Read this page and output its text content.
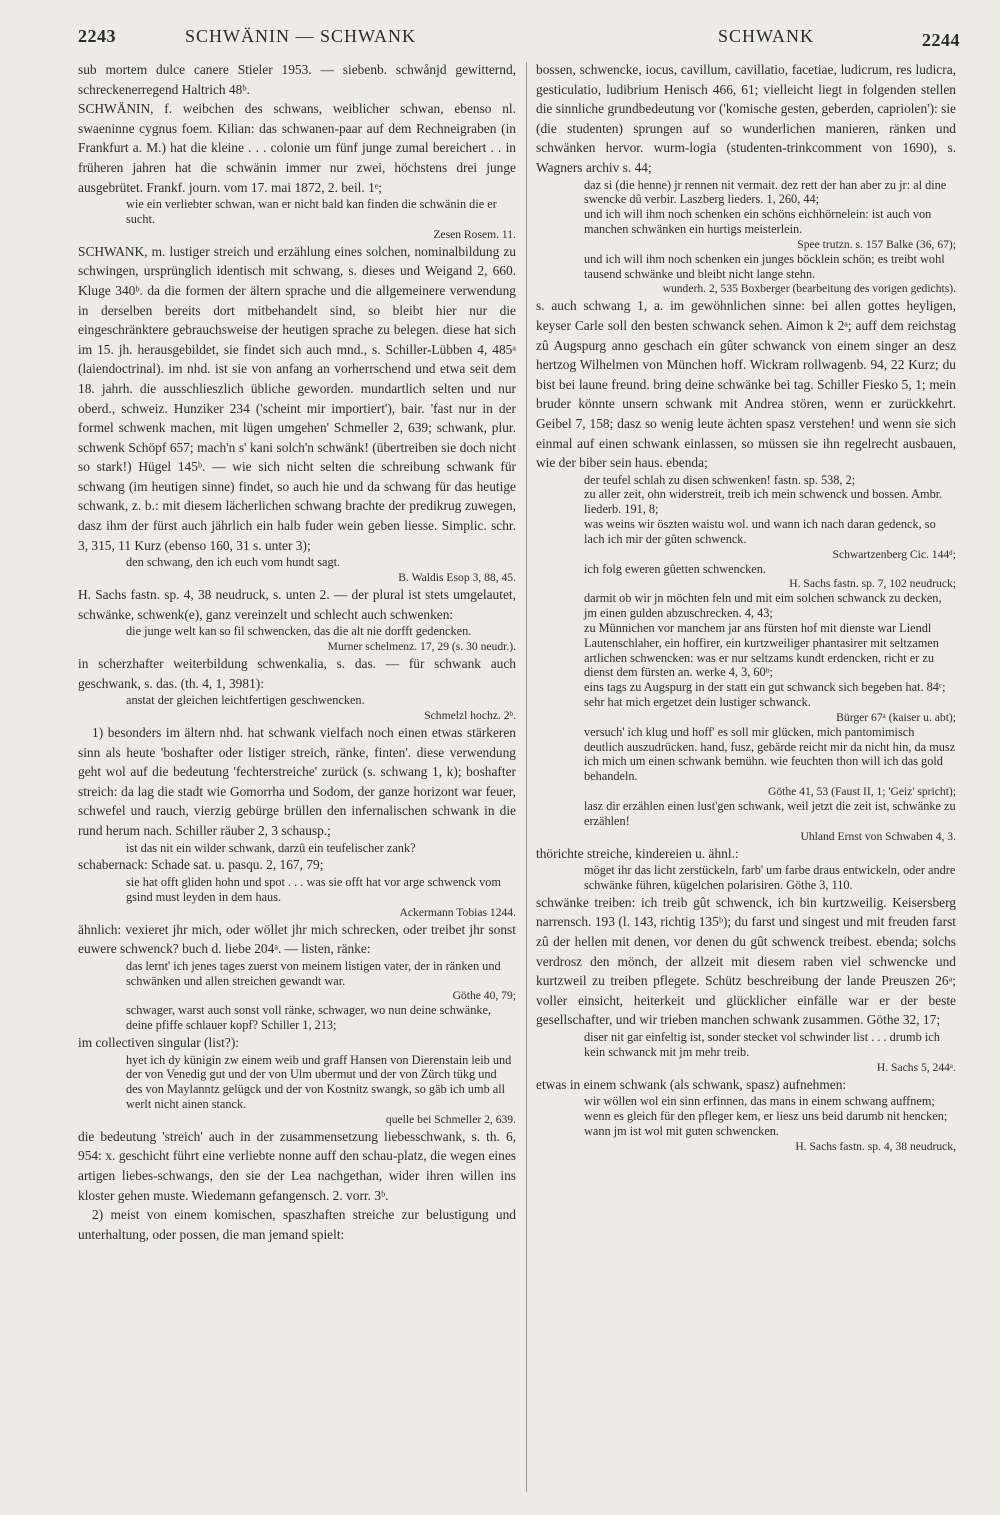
2243	SCHWÄNIN — SCHWANK	SCHWANK	2244
sub mortem dulce canere Stieler 1953. — siebenb. schwånjd gewitternd, schreckenerregend Haltrich 48ᵇ.
SCHWÄNIN, f. weibchen des schwans, weiblicher schwan, ebenso nl. swaeninne cygnus foem. Kilian: das schwanen-paar auf dem Rechneigraben (in Frankfurt a. M.) hat die kleine . . . colonie um fünf junge zumal bereichert . . in früheren jahren hat die schwänin immer nur zwei, höchstens drei junge ausgebrütet. Frankf. journ. vom 17. mai 1872, 2. beil. 1ᵉ;
wie ein verliebter schwan, wan er nicht bald kan finden die schwänin die er sucht.
Zesen Rosem. 11.
SCHWANK, m. lustiger streich und erzählung eines solchen, nominalbildung zu schwingen, ursprünglich identisch mit schwang, s. dieses und Weigand 2, 660. Kluge 340ᵇ. da die formen der ältern sprache und die allgemeinere verwendung in derselben bereits dort mitbehandelt sind, so bleibt hier nur die eingeschränktere gebrauchsweise der heutigen sprache zu belegen. diese hat sich im 15. jh. herausgebildet, sie findet sich auch mnd., s. Schiller-Lübben 4, 485ᵃ (laiendoctrinal). im nhd. ist sie von anfang an vorherrschend und etwa seit dem 18. jahrh. die ausschlieszlich übliche geworden. mundartlich selten und nur oberd., schweiz. Hunziker 234 ('scheint mir importiert'), bair. 'fast nur in der formel schwenk machen, mit lügen umgehen' Schmeller 2, 639; schwank, plur. schwenk Schöpf 657; mach'n s' kani solch'n schwänk! (übertreiben sie doch nicht so stark!) Hügel 145ᵇ. — wie sich nicht selten die schreibung schwank für schwang (im heutigen sinne) findet, so auch hie und da schwang für das heutige schwank, z. b.: mit diesem lächerlichen schwang brachte der predikrug zuwegen, dasz ihm der fürst auch jährlich ein halb fuder wein geben liesse. Simplic. schr. 3, 315, 11 Kurz (ebenso 160, 31 s. unter 3);
den schwang, den ich euch vom hundt sagt.
B. Waldis Esop 3, 88, 45.
H. Sachs fastn. sp. 4, 38 neudruck, s. unten 2. — der plural ist stets umgelautet, schwänke, schwenk(e), ganz vereinzelt und schlecht auch schwenken:
die junge welt kan so fil schwencken, das die alt nie dorfft gedencken.
Murner schelmenz. 17, 29 (s. 30 neudr.).
in scherzhafter weiterbildung schwenkalia, s. das. — für schwank auch geschwank, s. das. (th. 4, 1, 3981):
anstat der gleichen leichtfertigen geschwencken.
Schmelzl hochz. 2ᵇ.
1) besonders im ältern nhd. hat schwank vielfach noch einen etwas stärkeren sinn als heute 'boshafter oder listiger streich, ränke, finten'. diese verwendung geht wol auf die bedeutung 'fechterstreiche' zurück (s. schwang 1, k); boshafter streich: da lag die stadt wie Gomorrha und Sodom, der ganze horizont war feuer, schwefel und rauch, vierzig gebürge brüllen den infernalischen schwank in die rund herum nach. Schiller räuber 2, 3 schausp.;
ist das nit ein wilder schwank, darzû ein teufelischer zank?
schabernack: Schade sat. u. pasqu. 2, 167, 79;
sie hat offt gliden hohn und spot . . . was sie offt hat vor arge schwenck vom gsind must leyden in dem haus.
Ackermann Tobias 1244.
ähnlich: vexieret jhr mich, oder wöllet jhr mich schrecken, oder treibet jhr sonst euwere schwenck? buch d. liebe 204ᵃ. — listen, ränke:
das lernt' ich jenes tages zuerst von meinem listigen vater, der in ränken und schwänken und allen streichen gewandt war.
Göthe 40, 79;
schwager, warst auch sonst voll ränke, schwager, wo nun deine schwänke, deine pfiffe schlauer kopf? Schiller 1, 213;
im collectiven singular (list?):
hyet ich dy künigin zw einem weib und graff Hansen von Dierenstain leib und der von Venedig gut und der von Ulm ubermut und der von Zürch tükg und des von Maylanntz gelügck und der von Kostnitz swangk, so gäb ich umb all werlt nicht ainen stanck.
quelle bei Schmeller 2, 639.
die bedeutung 'streich' auch in der zusammensetzung liebesschwank, s. th. 6, 954: x. geschicht führt eine verliebte nonne auff den schau-platz, die wegen eines artigen liebes-schwangs, den sie der Lea nachgethan, wider ihren willen ins kloster gehen muste. Wiedemann gefangensch. 2. vorr. 3ᵇ.
2) meist von einem komischen, spaszhaften streiche zur belustigung und unterhaltung, oder possen, die man jemand spielt:
bossen, schwencke, iocus, cavillum, cavillatio, facetiae, ludicrum, res ludicra, gesticulatio, ludibrium Henisch 466, 61; vielleicht liegt in folgenden stellen die sinnliche grundbedeutung vor ('komische gesten, geberden, capriolen'): sie (die studenten) sprungen auf so wunderlichen manieren, ränken und schwänken hervor. wurm-logia (studenten-trinkcomment von 1690), s. Wagners archiv s. 44;
daz si (die henne) jr rennen nit vermait. dez rett der han aber zu jr: al dine swencke dû verbir. Laszberg lieders. 1, 260, 44;
und ich will ihm noch schenken ein schöns eichhörnelein: ist auch von manchen schwänken ein hurtigs meisterlein.
Spee trutzn. s. 157 Balke (36, 67);
und ich will ihm noch schenken ein junges böcklein schön; es treibt wohl tausend schwänke und bleibt nicht lange stehn.
wunderh. 2, 535 Boxberger (bearbeitung des vorigen gedichts).
s. auch schwang 1, a. im gewöhnlichen sinne: bei allen gottes heyligen, keyser Carle soll den besten schwanck sehen. Aimon k 2ᵃ; auff dem reichstag zû Augspurg anno geschach ein gûter schwanck von einem singer an desz hertzog Wilhelmen von München hoff. Wickram rollwagenb. 94, 22 Kurz; du bist bei laune freund. bring deine schwänke bei tag. Schiller Fiesko 5, 1; mein bruder könnte unsern schwank mit Andrea stören, wenn er zurückkehrt. Geibel 7, 158; dasz so wenig leute ächten spasz verstehen! und wenn sie sich einmal auf einen schwank einlassen, so müssen sie ihn regelrecht ausbauen, wie der biber sein haus. ebenda;
der teufel schlah zu disen schwenken! fastn. sp. 538, 2;
zu aller zeit, ohn widerstreit, treib ich mein schwenck und bossen. Ambr. liederb. 191, 8;
was weins wir öszten waistu wol. und wann ich nach daran gedenck, so lach ich mir der gûten schwenck.
Schwartzenberg Cic. 144ᵈ;
ich folg eweren gûetten schwencken.
H. Sachs fastn. sp. 7, 102 neudruck;
darmit ob wir jn möchten feln und mit eim solchen schwanck zu decken, jm einen gulden abzuschrecken. 4, 43;
zu Münnichen vor manchem jar ans fürsten hof mit dienste war Liendl Lautenschlaher, ein hoffirer, ein kurtzweiliger phantasirer mit seltzamen artlichen schwencken: was er nur seltzams kundt erdencken, richt er zu dienst dem fürsten an. werke 4, 3, 60ᵇ;
eins tags zu Augspurg in der statt ein gut schwanck sich begeben hat. 84ᶜ;
sehr hat mich ergetzet dein lustiger schwanck.
Bürger 67ᵃ (kaiser u. abt);
versuch' ich klug und hoff' es soll mir glücken, mich pantomimisch deutlich auszudrücken. hand, fusz, gebärde reicht mir da nicht hin, da musz ich mich um einen schwank bemühn. wie feuchten thon will ich das gold behandeln.
Göthe 41, 53 (Faust II, 1; 'Geiz' spricht);
lasz dir erzählen einen lust'gen schwank, weil jetzt die zeit ist, schwänke zu erzählen!
Uhland Ernst von Schwaben 4, 3.
thörichte streiche, kindereien u. ähnl.:
möget ihr das licht zerstückeln, farb' um farbe draus entwickeln, oder andre schwänke führen, kügelchen polarisiren. Göthe 3, 110.
schwänke treiben: ich treib gût schwenck, ich bin kurtzweilig. Keisersberg narrensch. 193 (l. 143, richtig 135ᵇ); du farst und singest und mit freuden farst zû der hellen mit denen, vor denen du gût schwenck treibest. ebenda; solchs verdrosz den mönch, der allzeit mit diesem raben viel schwencke und kurtzweil zu treiben pflegete. Schütz beschreibung der lande Preuszen 26ᵃ; voller einsicht, heiterkeit und glücklicher einfälle war er der beste gesellschafter, und wir trieben manchen schwank zusammen. Göthe 32, 17;
diser nit gar einfeltig ist, sonder stecket vol schwinder list . . . drumb ich kein schwanck mit jm mehr treib.
H. Sachs 5, 244ᵃ.
etwas in einem schwank (als schwank, spasz) aufnehmen:
wir wöllen wol ein sinn erfinnen, das mans in einem schwang auffnem; wenn es gleich für den pfleger kem, er liesz uns beid darumb nit hencken; wann jm ist wol mit guten schwencken.
H. Sachs fastn. sp. 4, 38 neudruck,
